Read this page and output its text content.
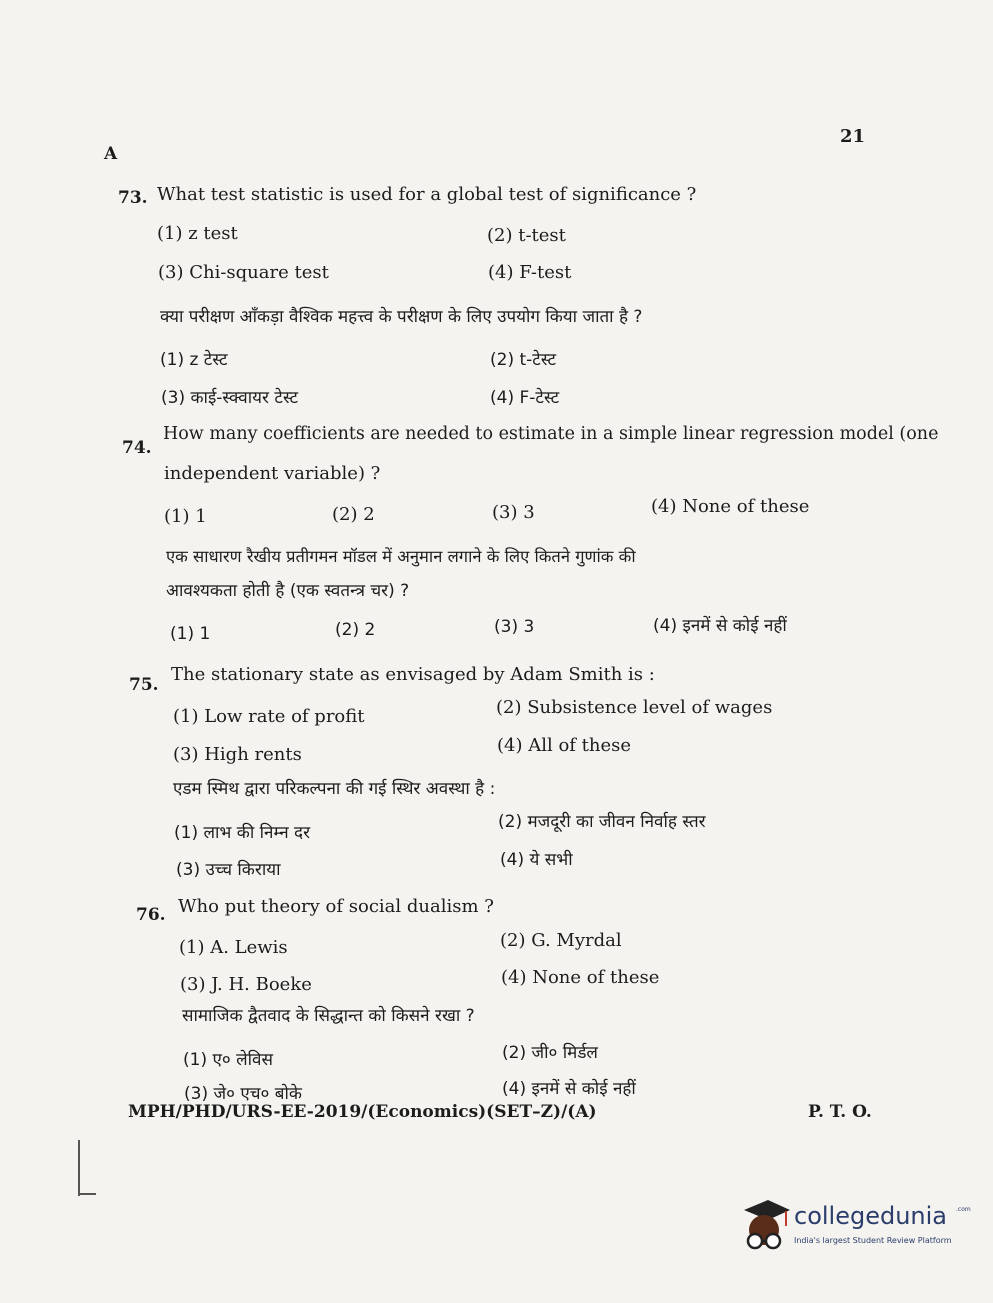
A
21
73. What test statistic is used for a global test of significance ?
(1) z test	(2) t-test
(3) Chi-square test	(4) F-test
क्या परीक्षण आँकड़ा वैश्विक महत्त्व के परीक्षण के लिए उपयोग किया जाता है ?
(1) z टेस्ट	(2) t-टेस्ट
(3) काई-स्क्वायर टेस्ट	(4) F-टेस्ट
74.
How many coefficients are needed to estimate in a simple linear regression model (one
independent variable) ?
(1) 1	(2) 2	(3) 3	(4) None of these
एक साधारण रैखीय प्रतीगमन मॉडल में अनुमान लगाने के लिए कितने गुणांक की
आवश्यकता होती है (एक स्वतन्त्र चर) ?
(1) 1	(2) 2	(3) 3	(4) इनमें से कोई नहीं
75. The stationary state as envisaged by Adam Smith is :
(1) Low rate of profit	(2) Subsistence level of wages
(3) High rents	(4) All of these
एडम स्मिथ द्वारा परिकल्पना की गई स्थिर अवस्था है :
(1) लाभ की निम्न दर
(2) मजदूरी का जीवन निर्वाह स्तर
(3) उच्च किराया	(4) ये सभी
76. Who put theory of social dualism ?
(1) A. Lewis	(2) G. Myrdal
(3) J. H. Boeke	(4) None of these
सामाजिक द्वैतवाद के सिद्धान्त को किसने रखा ?
(1) ए० लेविस	(2) जी० मिर्डल
(3) जे० एच० बोके	(4) इनमें से कोई नहीं
MPH/PHD/URS-EE-2019/(Economics)(SET–Z)/(A)	P. T. O.
collegedunia .com
India's largest Student Review Platform
